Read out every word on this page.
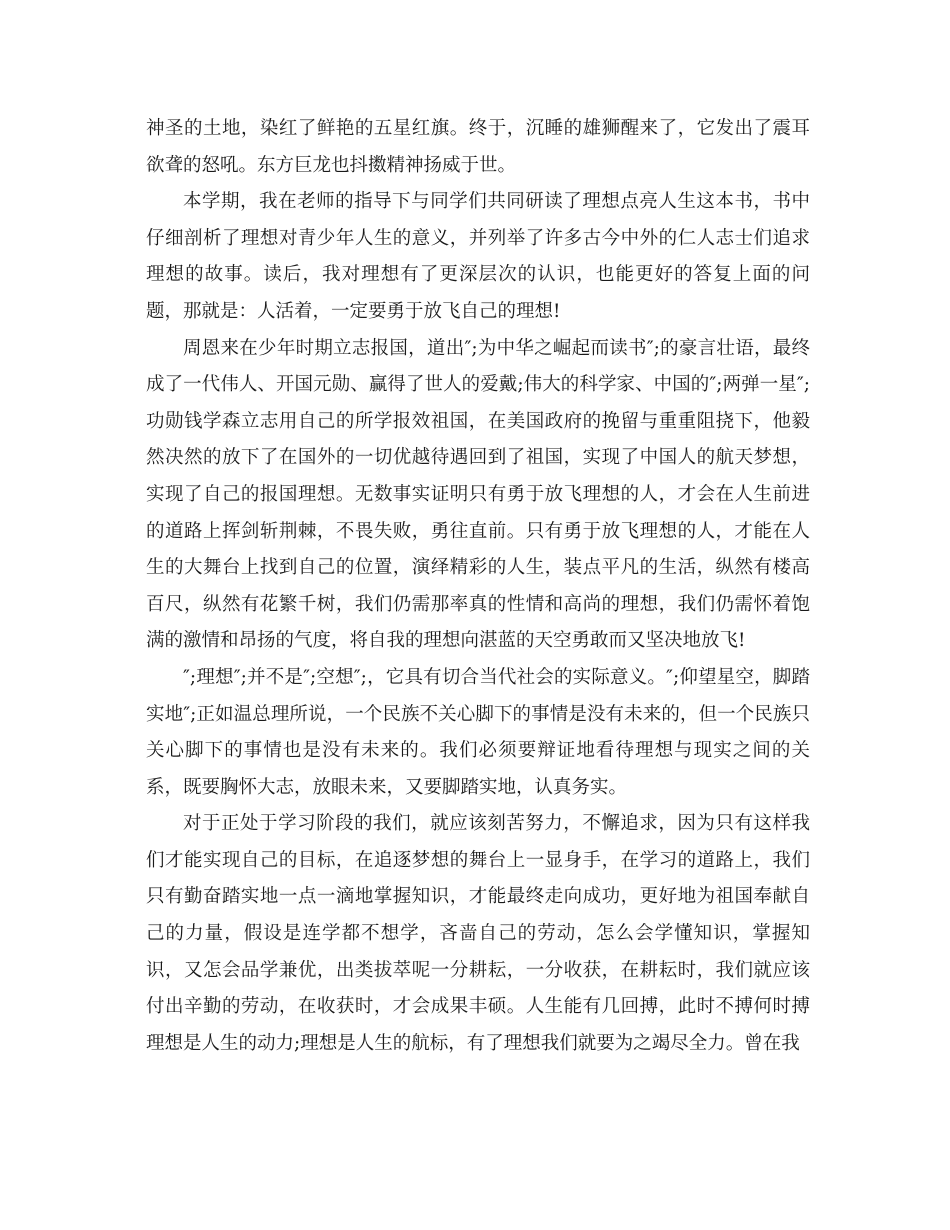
神圣的土地，染红了鲜艳的五星红旗。终于，沉睡的雄狮醒来了，它发出了震耳欲聋的怒吼。东方巨龙也抖擞精神扬威于世。

本学期，我在老师的指导下与同学们共同研读了理想点亮人生这本书，书中仔细剖析了理想对青少年人生的意义，并列举了许多古今中外的仁人志士们追求理想的故事。读后，我对理想有了更深层次的认识，也能更好的答复上面的问题，那就是：人活着，一定要勇于放飞自己的理想!

周恩来在少年时期立志报国，道出″;为中华之崛起而读书″;的豪言壮语，最终成了一代伟人、开国元勋、赢得了世人的爱戴;伟大的科学家、中国的″;两弹一星″;功勋钱学森立志用自己的所学报效祖国，在美国政府的挽留与重重阻挠下，他毅然决然的放下了在国外的一切优越待遇回到了祖国，实现了中国人的航天梦想，实现了自己的报国理想。无数事实证明只有勇于放飞理想的人，才会在人生前进的道路上挥剑斩荆棘，不畏失败，勇往直前。只有勇于放飞理想的人，才能在人生的大舞台上找到自己的位置，演绎精彩的人生，装点平凡的生活，纵然有楼高百尺，纵然有花繁千树，我们仍需那率真的性情和高尚的理想，我们仍需怀着饱满的激情和昂扬的气度，将自我的理想向湛蓝的天空勇敢而又坚决地放飞!

″;理想″;并不是″;空想″;，它具有切合当代社会的实际意义。″;仰望星空，脚踏实地″;正如温总理所说，一个民族不关心脚下的事情是没有未来的，但一个民族只关心脚下的事情也是没有未来的。我们必须要辩证地看待理想与现实之间的关系，既要胸怀大志，放眼未来，又要脚踏实地，认真务实。

对于正处于学习阶段的我们，就应该刻苦努力，不懈追求，因为只有这样我们才能实现自己的目标，在追逐梦想的舞台上一显身手，在学习的道路上，我们只有勤奋踏实地一点一滴地掌握知识，才能最终走向成功，更好地为祖国奉献自己的力量，假设是连学都不想学，吝啬自己的劳动，怎么会学懂知识，掌握知识，又怎会品学兼优，出类拔萃呢一分耕耘，一分收获，在耕耘时，我们就应该付出辛勤的劳动，在收获时，才会成果丰硕。人生能有几回搏，此时不搏何时搏理想是人生的动力;理想是人生的航标，有了理想我们就要为之竭尽全力。曾在我
